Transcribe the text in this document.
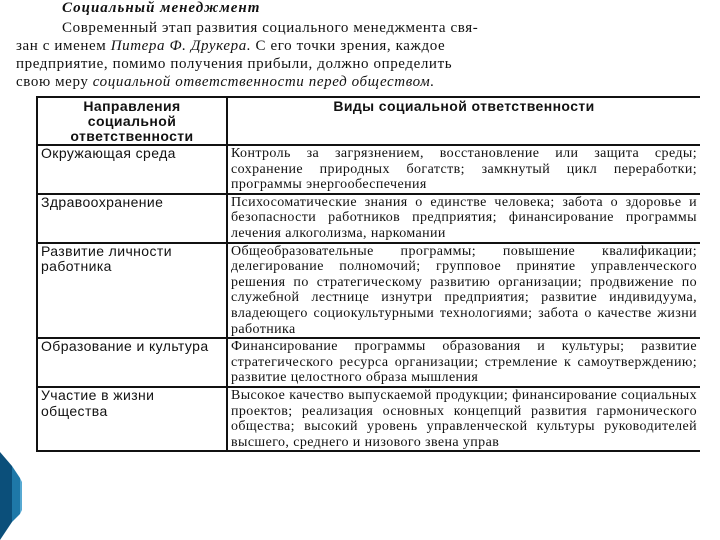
Социальный менеджмент
Современный этап развития социального менеджмента свя-
зан с именем Питера Ф. Друкера. С его точки зрения, каждое
предприятие, помимо получения прибыли, должно определить
свою меру социальной ответственности перед обществом.
Направления социальной ответственности	Виды социальной ответственности
Окружающая среда	Контроль за загрязнением, восстановление или защита среды; сохранение природных богатств; замкнутый цикл переработки; программы энергообеспечения
Здравоохранение	Психосоматические знания о единстве человека; забота о здоровье и безопасности работников предприятия; финансирование программы лечения алкоголизма, наркомании
Развитие личности работника	Общеобразовательные программы; повышение квалификации; делегирование полномочий; групповое принятие управленческого решения по стратегическому развитию организации; продвижение по служебной лестнице изнутри предприятия; развитие индивидуума, владеющего социокультурными технологиями; забота о качестве жизни работника
Образование и культура	Финансирование программы образования и культуры; развитие стратегического ресурса организации; стремление к самоутверждению; развитие целостного образа мышления
Участие в жизни общества	Высокое качество выпускаемой продукции; финансирование социальных проектов; реализация основных концепций развития гармонического общества; высокий уровень управленческой культуры руководителей высшего, среднего и низового звена управ
